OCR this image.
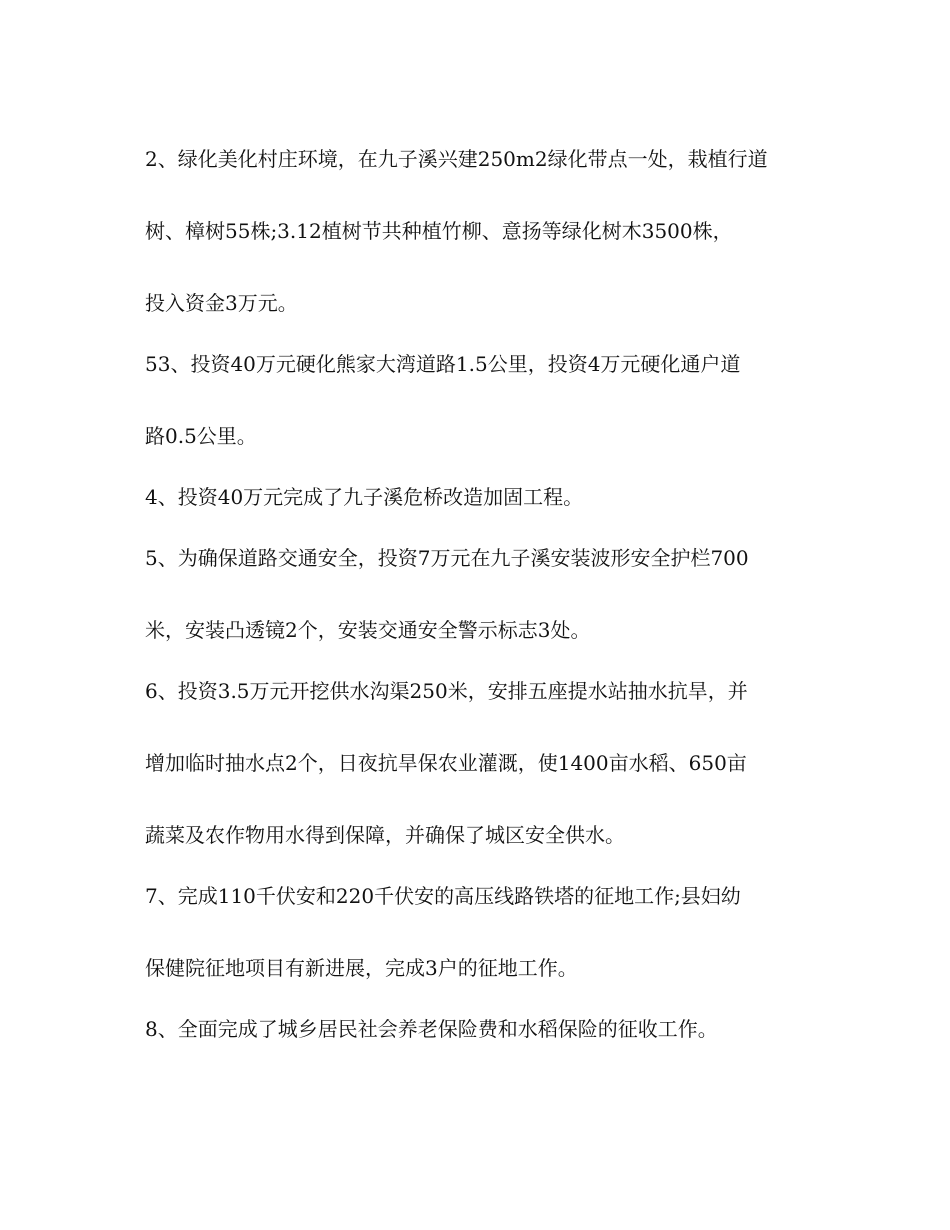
2、绿化美化村庄环境，在九子溪兴建250m2绿化带点一处，栽植行道

树、樟树55株;3.12植树节共种植竹柳、意扬等绿化树木3500株，

投入资金3万元。

53、投资40万元硬化熊家大湾道路1.5公里，投资4万元硬化通户道

路0.5公里。

4、投资40万元完成了九子溪危桥改造加固工程。

5、为确保道路交通安全，投资7万元在九子溪安装波形安全护栏700

米，安装凸透镜2个，安装交通安全警示标志3处。

6、投资3.5万元开挖供水沟渠250米，安排五座提水站抽水抗旱，并

增加临时抽水点2个，日夜抗旱保农业灌溉，使1400亩水稻、650亩

蔬菜及农作物用水得到保障，并确保了城区安全供水。

7、完成110千伏安和220千伏安的高压线路铁塔的征地工作;县妇幼

保健院征地项目有新进展，完成3户的征地工作。

8、全面完成了城乡居民社会养老保险费和水稻保险的征收工作。
